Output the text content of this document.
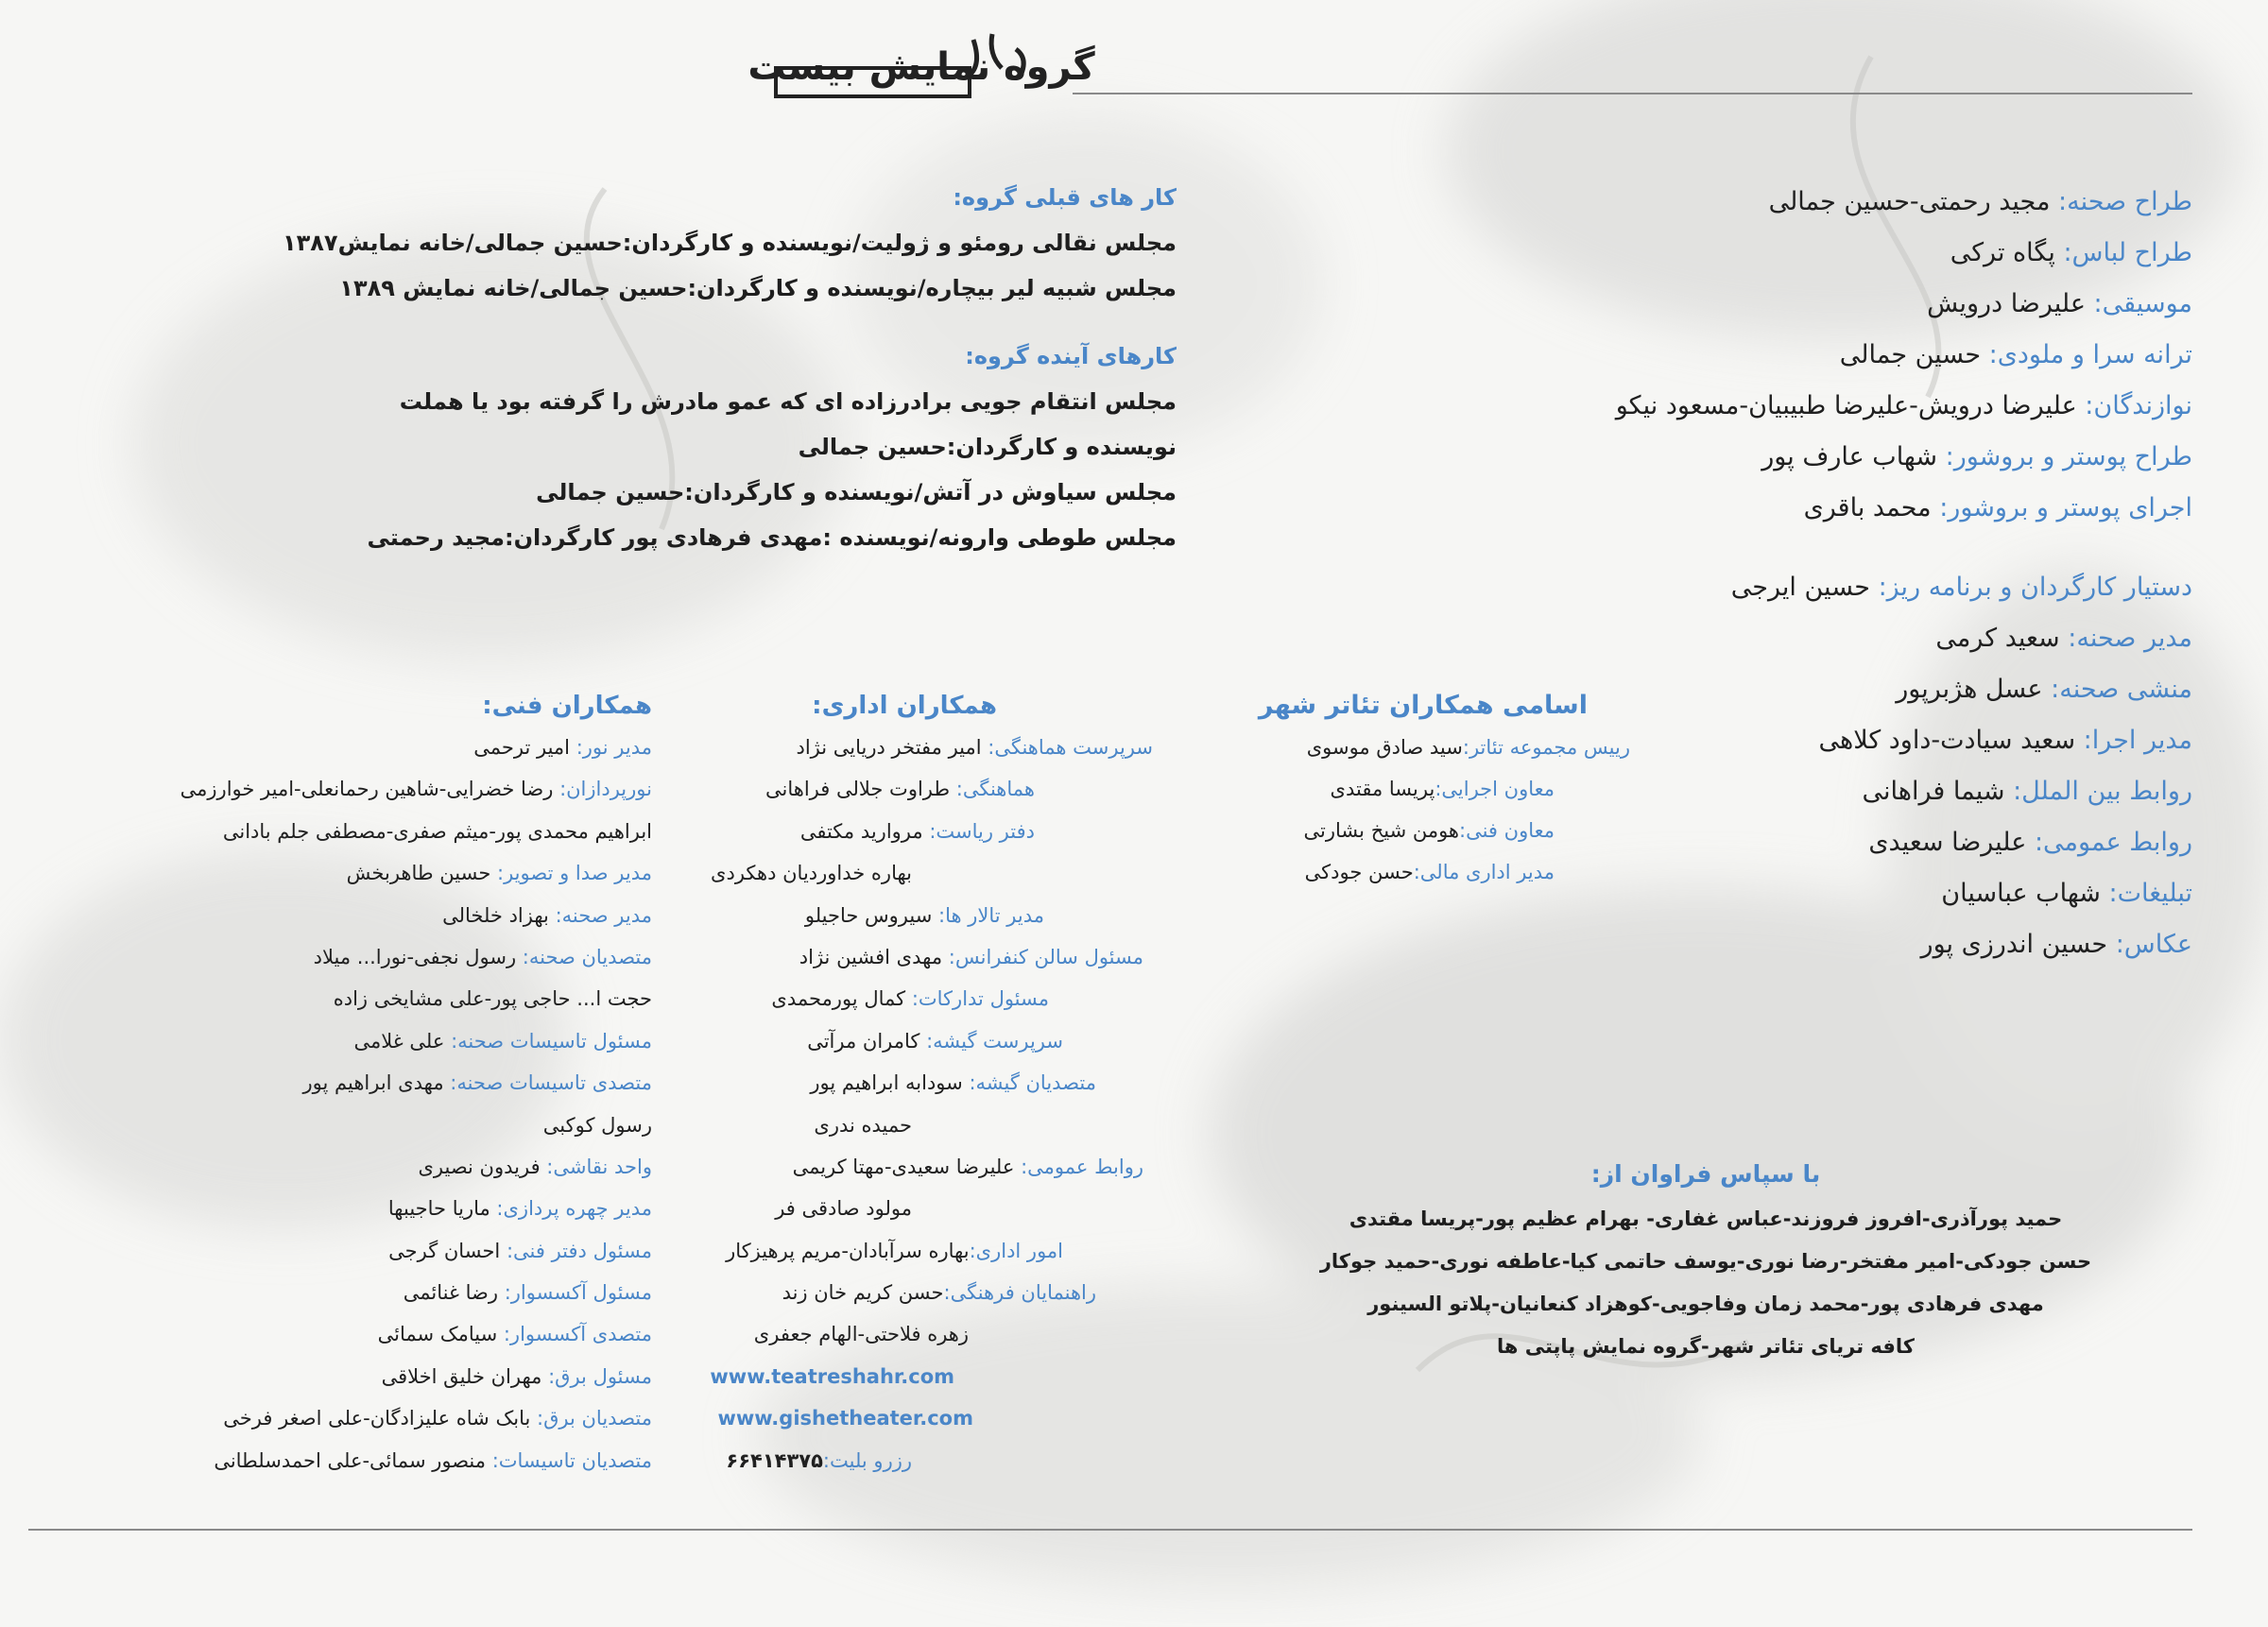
گروه نمایش بیست
طراح صحنه: مجید رحمتی-حسین جمالی
طراح لباس: پگاه ترکی
موسیقی: علیرضا درویش
ترانه سرا و ملودی: حسین جمالی
نوازندگان: علیرضا درویش-علیرضا طبیبیان-مسعود نیکو
طراح پوستر و بروشور: شهاب عارف پور
اجرای پوستر و بروشور: محمد باقری
دستیار کارگردان و برنامه ریز: حسین ایرجی
مدیر صحنه: سعید کرمی
منشی صحنه: عسل هژبرپور
مدیر اجرا: سعید سیادت-داود کلاهی
روابط بین الملل: شیما فراهانی
روابط عمومی: علیرضا سعیدی
تبلیغات: شهاب عباسیان
عکاس: حسین اندرزی پور
کار های قبلی گروه:
مجلس نقالی رومئو و ژولیت/نویسنده و کارگردان:حسین جمالی/خانه نمایش۱۳۸۷
مجلس شبیه لیر بیچاره/نویسنده و کارگردان:حسین جمالی/خانه نمایش ۱۳۸۹
کارهای آینده گروه:
مجلس انتقام جویی برادرزاده ای که عمو مادرش را گرفته بود یا هملت
نویسنده و کارگردان:حسین جمالی
مجلس سیاوش در آتش/نویسنده و کارگردان:حسین جمالی
مجلس طوطی وارونه/نویسنده :مهدی فرهادی پور کارگردان:مجید رحمتی
اسامی همکاران تئاتر شهر
رییس مجموعه تئاتر:سید صادق موسوی
معاون اجرایی:پریسا مقتدی
معاون فنی:هومن شیخ بشارتی
مدیر اداری مالی:حسن جودکی
همکاران اداری:
سرپرست هماهنگی: امیر مفتخر دریایی نژاد
هماهنگی: طراوت جلالی فراهانی
دفتر ریاست: مروارید مکتفی
بهاره خداوردیان دهکردی
مدیر تالار ها: سیروس حاجیلو
مسئول سالن کنفرانس: مهدی افشین نژاد
مسئول تدارکات: کمال پورمحمدی
سرپرست گیشه: کامران مرآتی
متصدیان گیشه: سودابه ابراهیم پور
حمیده ندری
روابط عمومی: علیرضا سعیدی-مهتا کریمی
مولود صادقی فر
امور اداری:بهاره سرآبادان-مریم پرهیزکار
راهنمایان فرهنگی:حسن کریم خان زند
زهره فلاحتی-الهام جعفری
www.teatreshahr.com
www.gishetheater.com
رزرو بلیت:۶۶۴۱۴۳۷۵
همکاران فنی:
مدیر نور: امیر ترحمی
نورپردازان: رضا خضرایی-شاهین رحمانعلی-امیر خوارزمی
ابراهیم محمدی پور-میثم صفری-مصطفی جلم بادانی
مدیر صدا و تصویر: حسین طاهربخش
مدیر صحنه: بهزاد خلخالی
متصدیان صحنه: رسول نجفی-نورا... میلاد
حجت ا... حاجی پور-علی مشایخی زاده
مسئول تاسیسات صحنه: علی غلامی
متصدی تاسیسات صحنه: مهدی ابراهیم پور
رسول کوکبی
واحد نقاشی: فریدون نصیری
مدیر چهره پردازی: ماریا حاجیبها
مسئول دفتر فنی: احسان گرجی
مسئول آکسسوار: رضا غنائمی
متصدی آکسسوار: سیامک سمائی
مسئول برق: مهران خلیق اخلاقی
متصدیان برق: بابک شاه علیزادگان-علی اصغر فرخی
متصدیان تاسیسات: منصور سمائی-علی احمدسلطانی
با سپاس فراوان از:
حمید پورآذری-افروز فروزند-عباس غفاری- بهرام عظیم پور-پریسا مقتدی
حسن جودکی-امیر مفتخر-رضا نوری-یوسف حاتمی کیا-عاطفه نوری-حمید جوکار
مهدی فرهادی پور-محمد زمان وفاجویی-کوهزاد کنعانیان-پلاتو السینور
کافه تریای تئاتر شهر-گروه نمایش پاپتی ها
